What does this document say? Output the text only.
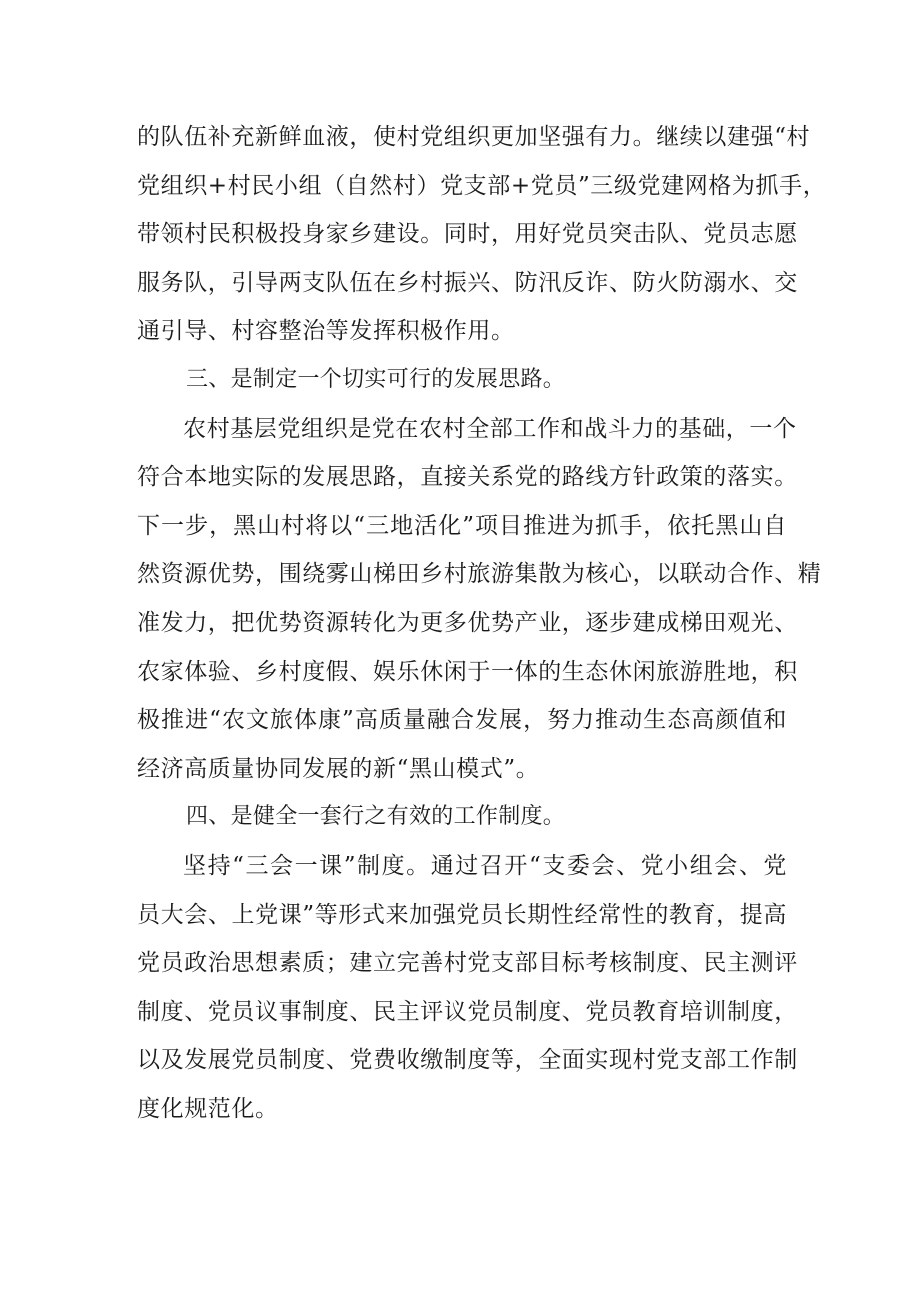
的队伍补充新鲜血液，使村党组织更加坚强有力。继续以建强“村
党组织+村民小组（自然村）党支部+党员”三级党建网格为抓手，
带领村民积极投身家乡建设。同时，用好党员突击队、党员志愿
服务队，引导两支队伍在乡村振兴、防汛反诈、防火防溺水、交
通引导、村容整治等发挥积极作用。
三、是制定一个切实可行的发展思路。
农村基层党组织是党在农村全部工作和战斗力的基础，一个
符合本地实际的发展思路，直接关系党的路线方针政策的落实。
下一步，黑山村将以“三地活化”项目推进为抓手，依托黑山自
然资源优势，围绕雾山梯田乡村旅游集散为核心，以联动合作、精
准发力，把优势资源转化为更多优势产业，逐步建成梯田观光、
农家体验、乡村度假、娱乐休闲于一体的生态休闲旅游胜地，积
极推进“农文旅体康”高质量融合发展，努力推动生态高颜值和
经济高质量协同发展的新“黑山模式”。
四、是健全一套行之有效的工作制度。
坚持“三会一课”制度。通过召开“支委会、党小组会、党
员大会、上党课”等形式来加强党员长期性经常性的教育，提高
党员政治思想素质；建立完善村党支部目标考核制度、民主测评
制度、党员议事制度、民主评议党员制度、党员教育培训制度，
以及发展党员制度、党费收缴制度等，全面实现村党支部工作制
度化规范化。
